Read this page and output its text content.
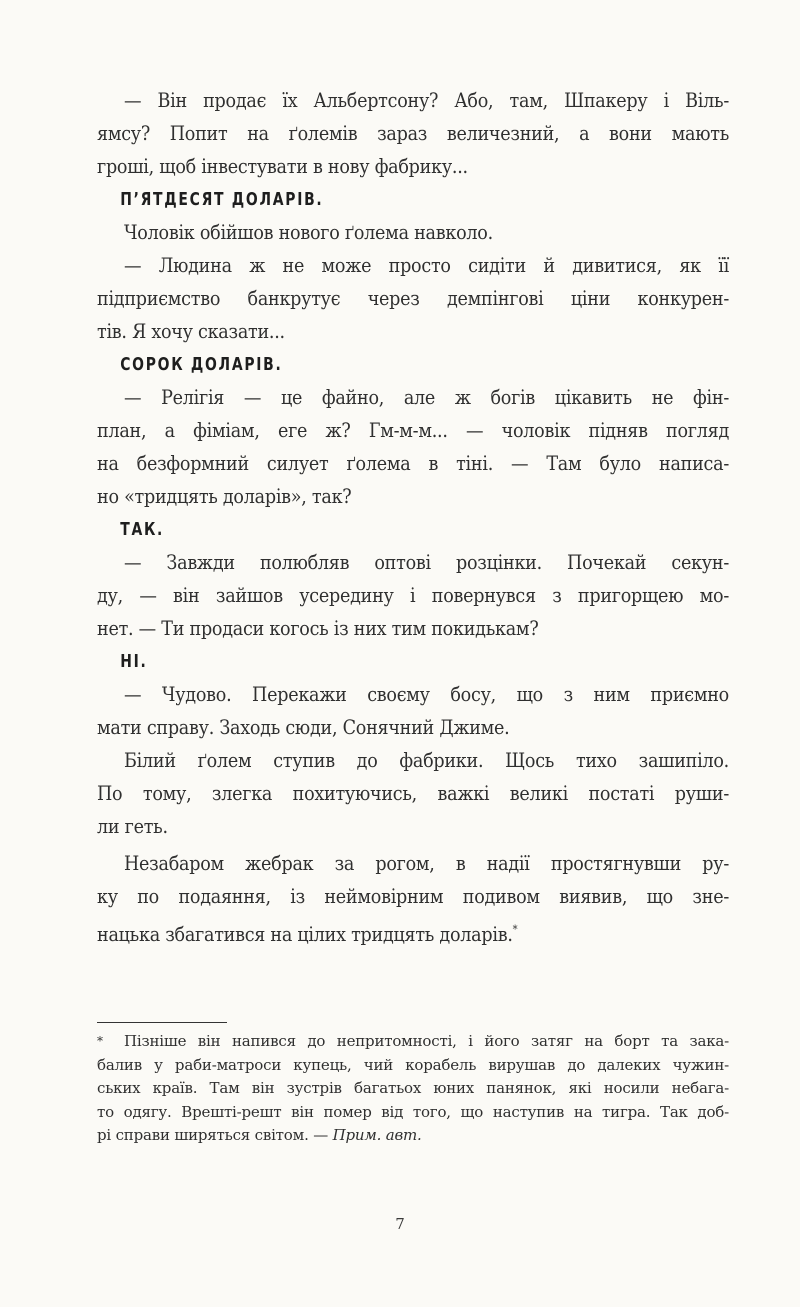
— Він продає їх Альбертсону? Або, там, Шпакеру і Віль-
ямсу? Попит на ґолемів зараз величезний, а вони мають
гроші, щоб інвестувати в нову фабрику...
П’ЯТДЕСЯТ ДОЛАРІВ.
Чоловік обійшов нового ґолема навколо.
— Людина ж не може просто сидіти й дивитися, як її
підприємство банкрутує через демпінгові ціни конкурен-
тів. Я хочу сказати...
СОРОК ДОЛАРІВ.
— Релігія — це файно, але ж богів цікавить не фін-
план, а фіміам, еге ж? Гм-м-м... — чоловік підняв погляд
на безформний силует ґолема в тіні. — Там було написа-
но «тридцять доларів», так?
ТАК.
— Завжди полюбляв оптові розцінки. Почекай секун-
ду, — він зайшов усередину і повернувся з пригорщею мо-
нет. — Ти продаси когось із них тим покидькам?
НІ.
— Чудово. Перекажи своєму босу, що з ним приємно
мати справу. Заходь сюди, Сонячний Джиме.
Білий ґолем ступив до фабрики. Щось тихо зашипіло.
По тому, злегка похитуючись, важкі великі постаті руши-
ли геть.
Незабаром жебрак за рогом, в надії простягнувши ру-
ку по подаяння, із неймовірним подивом виявив, що зне-
нацька збагатився на цілих тридцять доларів.*
*	Пізніше він напився до непритомності, і його затяг на борт та зака-
балив у раби-матроси купець, чий корабель вирушав до далеких чужин-
ських країв. Там він зустрів багатьох юних панянок, які носили небага-
то одягу. Врешті-решт він помер від того, що наступив на тигра. Так доб-
рі справи ширяться світом. — Прим. авт.
7
